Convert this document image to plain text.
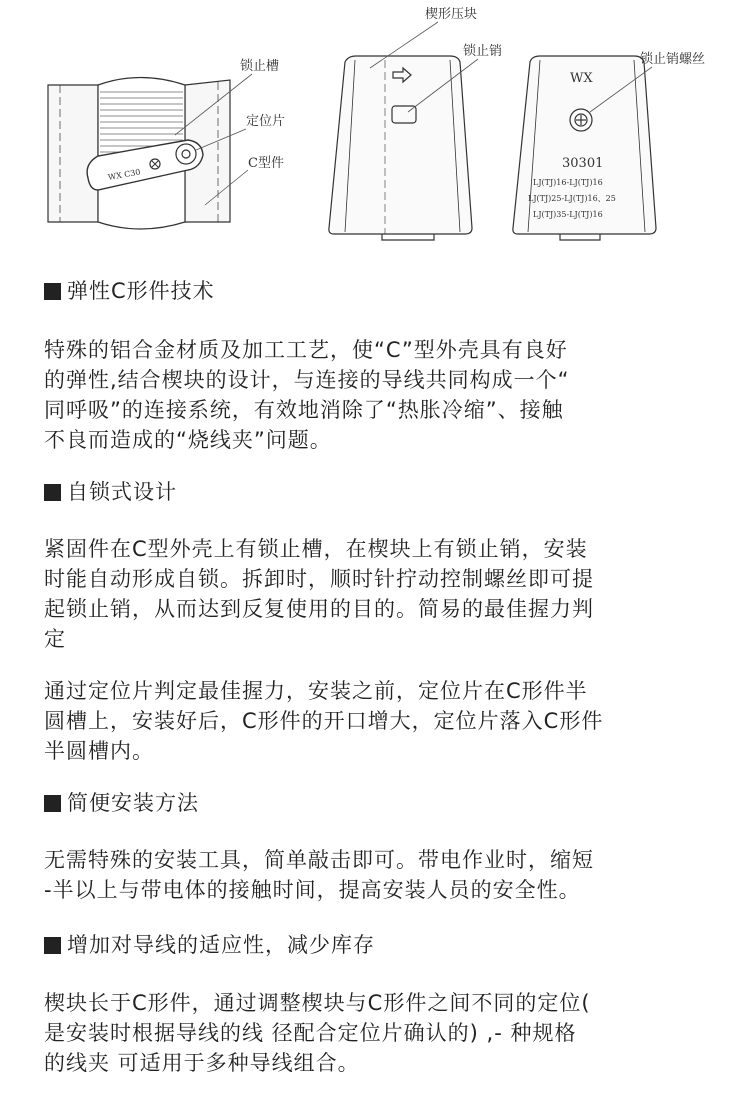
WX C30
锁止槽
定位片
C型件
楔形压块
锁止销
WX
30301
LJ(TJ)16-LJ(TJ)16
LJ(TJ)25-LJ(TJ)16、25
LJ(TJ)35-LJ(TJ)16
锁止销螺丝
弹性C形件技术

特殊的铝合金材质及加工工艺，使“C”型外壳具有良好
的弹性,结合楔块的设计，与连接的导线共同构成一个“
同呼吸”的连接系统，有效地消除了“热胀冷缩”、接触
不良而造成的“烧线夹”问题。

自锁式设计

紧固件在C型外壳上有锁止槽，在楔块上有锁止销，安装
时能自动形成自锁。拆卸时，顺时针拧动控制螺丝即可提
起锁止销，从而达到反复使用的目的。简易的最佳握力判
定

通过定位片判定最佳握力，安装之前，定位片在C形件半
圆槽上，安装好后，C形件的开口增大，定位片落入C形件
半圆槽内。

简便安装方法

无需特殊的安装工具，简单敲击即可。带电作业时，缩短
-半以上与带电体的接触时间，提高安装人员的安全性。

增加对导线的适应性，减少库存

楔块长于C形件，通过调整楔块与C形件之间不同的定位(
是安装时根据导线的线 径配合定位片确认的) ,- 种规格
的线夹 可适用于多种导线组合。
